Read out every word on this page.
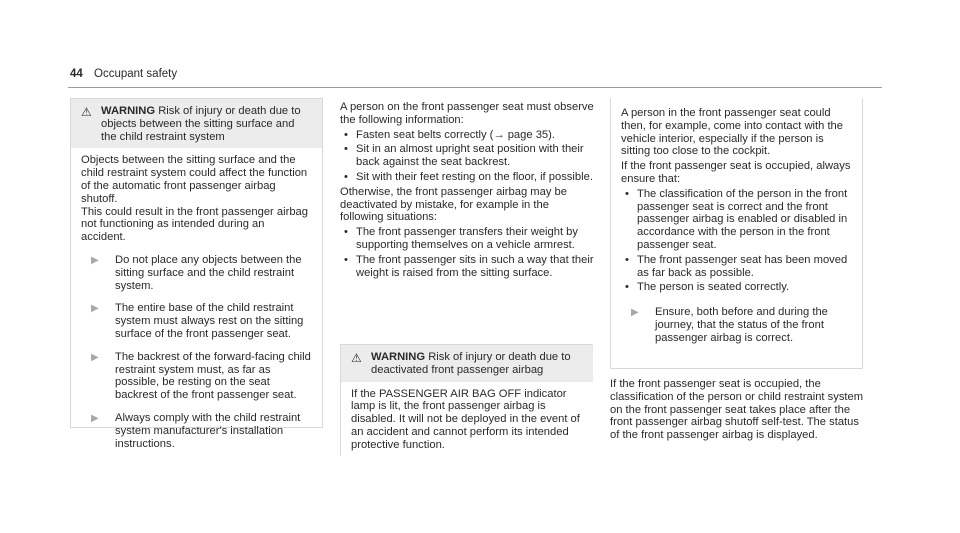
44 Occupant safety
⚠ WARNING Risk of injury or death due to objects between the sitting surface and the child restraint system

Objects between the sitting surface and the child restraint system could affect the function of the automatic front passenger airbag shutoff.

This could result in the front passenger airbag not functioning as intended during an accident.

▶	Do not place any objects between the sitting surface and the child restraint system.
▶	The entire base of the child restraint system must always rest on the sitting surface of the front passenger seat.
▶	The backrest of the forward-facing child restraint system must, as far as possible, be resting on the seat backrest of the front passenger seat.
▶	Always comply with the child restraint system manufacturer's installation instructions.

A person on the front passenger seat must observe the following information:

• Fasten seat belts correctly (→ page 35).
• Sit in an almost upright seat position with their back against the seat backrest.
• Sit with their feet resting on the floor, if possible.

Otherwise, the front passenger airbag may be deactivated by mistake, for example in the following situations:

• The front passenger transfers their weight by supporting themselves on a vehicle armrest.
• The front passenger sits in such a way that their weight is raised from the sitting surface.
⚠ WARNING Risk of injury or death due to deactivated front passenger airbag

If the PASSENGER AIR BAG OFF indicator lamp is lit, the front passenger airbag is disabled. It will not be deployed in the event of an accident and cannot perform its intended protective function.

A person in the front passenger seat could then, for example, come into contact with the vehicle interior, especially if the person is sitting too close to the cockpit.

If the front passenger seat is occupied, always ensure that:

• The classification of the person in the front passenger seat is correct and the front passenger airbag is enabled or disabled in accordance with the person in the front passenger seat.
• The front passenger seat has been moved as far back as possible.
• The person is seated correctly.
▶	Ensure, both before and during the journey, that the status of the front passenger airbag is correct.

If the front passenger seat is occupied, the classification of the person or child restraint system on the front passenger seat takes place after the front passenger airbag shutoff self-test. The status of the front passenger airbag is displayed.
